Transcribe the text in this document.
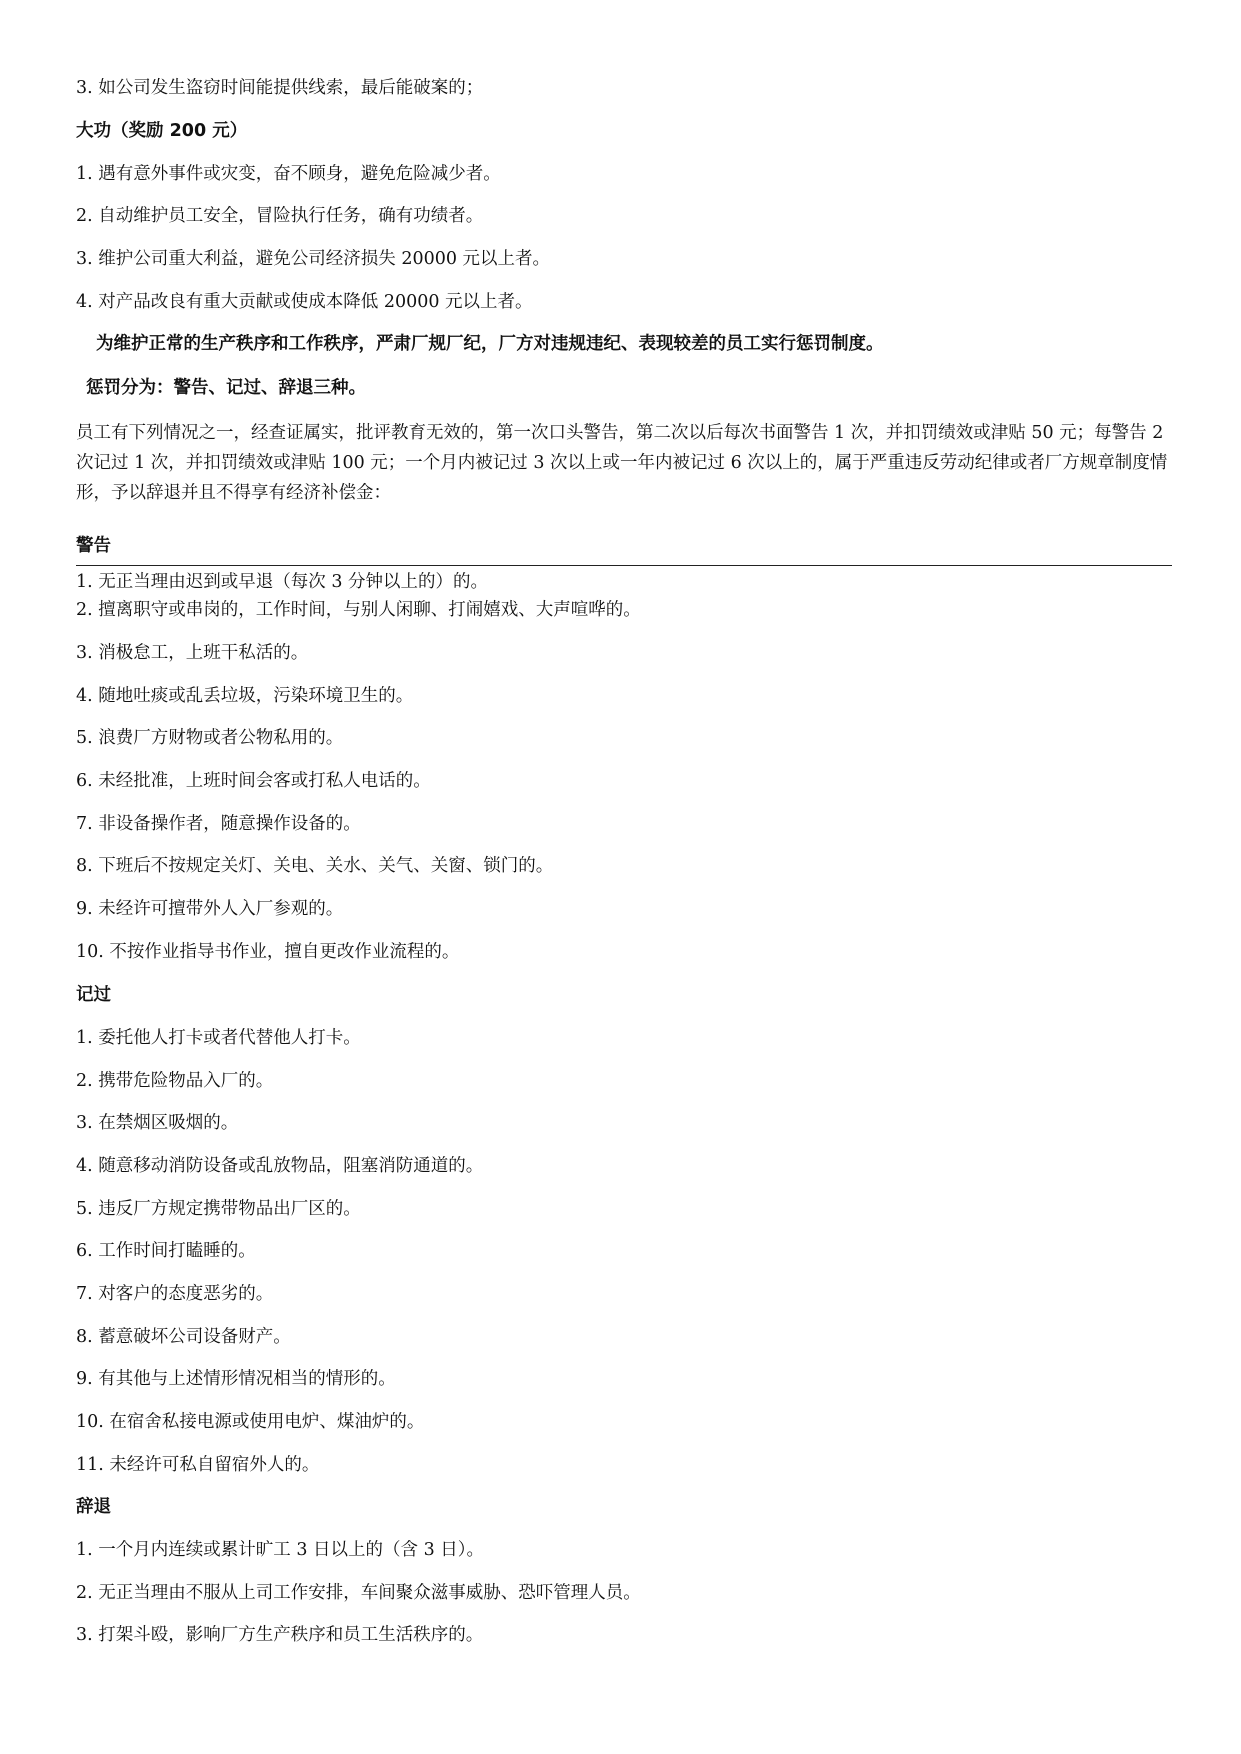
3. 如公司发生盗窃时间能提供线索，最后能破案的；
大功（奖励 200 元）
1. 遇有意外事件或灾变，奋不顾身，避免危险减少者。
2. 自动维护员工安全，冒险执行任务，确有功绩者。
3. 维护公司重大利益，避免公司经济损失 20000 元以上者。
4. 对产品改良有重大贡献或使成本降低 20000 元以上者。
为维护正常的生产秩序和工作秩序，严肃厂规厂纪，厂方对违规违纪、表现较差的员工实行惩罚制度。
惩罚分为：警告、记过、辞退三种。
员工有下列情况之一，经查证属实，批评教育无效的，第一次口头警告，第二次以后每次书面警告 1 次，并扣罚绩效或津贴 50 元；每警告 2 次记过 1 次，并扣罚绩效或津贴 100 元；一个月内被记过 3 次以上或一年内被记过 6 次以上的，属于严重违反劳动纪律或者厂方规章制度情形，予以辞退并且不得享有经济补偿金：
警告
1. 无正当理由迟到或早退（每次 3 分钟以上的）的。
2. 擅离职守或串岗的，工作时间，与别人闲聊、打闹嬉戏、大声喧哗的。
3. 消极怠工，上班干私活的。
4. 随地吐痰或乱丢垃圾，污染环境卫生的。
5. 浪费厂方财物或者公物私用的。
6. 未经批准，上班时间会客或打私人电话的。
7. 非设备操作者，随意操作设备的。
8. 下班后不按规定关灯、关电、关水、关气、关窗、锁门的。
9. 未经许可擅带外人入厂参观的。
10. 不按作业指导书作业，擅自更改作业流程的。
记过
1. 委托他人打卡或者代替他人打卡。
2. 携带危险物品入厂的。
3. 在禁烟区吸烟的。
4. 随意移动消防设备或乱放物品，阻塞消防通道的。
5. 违反厂方规定携带物品出厂区的。
6. 工作时间打瞌睡的。
7. 对客户的态度恶劣的。
8. 蓄意破坏公司设备财产。
9. 有其他与上述情形情况相当的情形的。
10. 在宿舍私接电源或使用电炉、煤油炉的。
11. 未经许可私自留宿外人的。
辞退
1. 一个月内连续或累计旷工 3 日以上的（含 3 日）。
2. 无正当理由不服从上司工作安排，车间聚众滋事威胁、恐吓管理人员。
3. 打架斗殴，影响厂方生产秩序和员工生活秩序的。
